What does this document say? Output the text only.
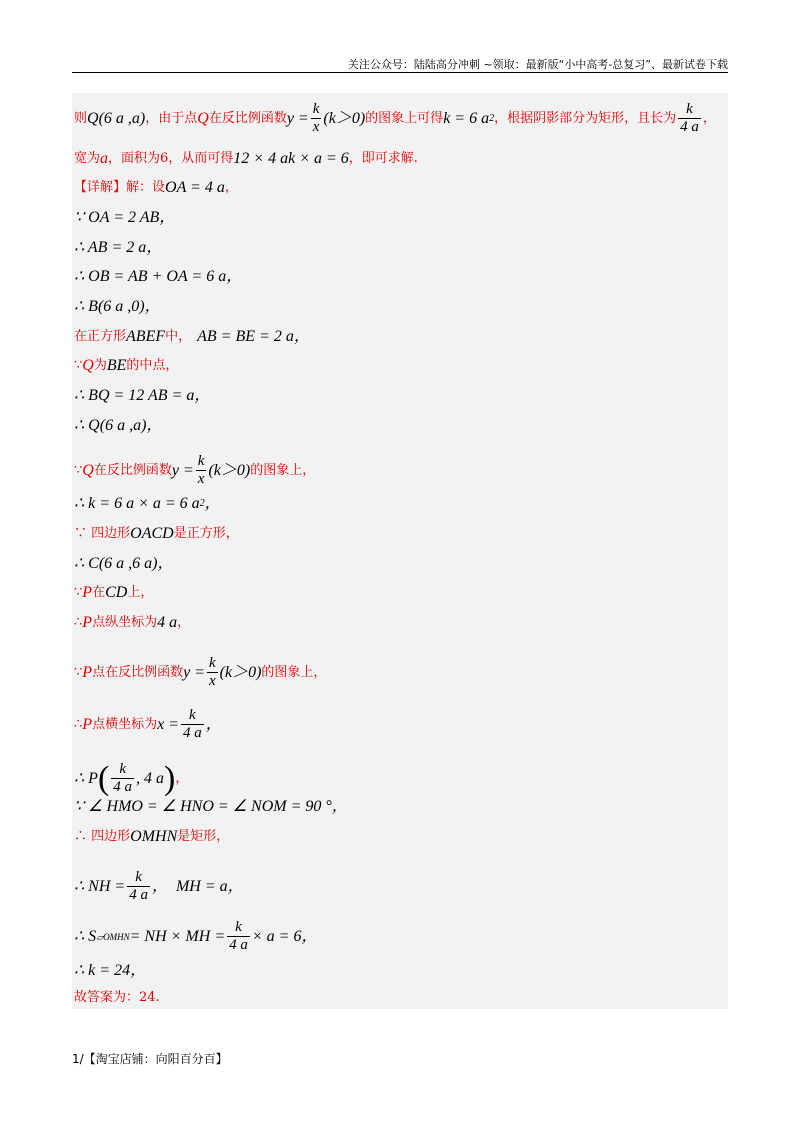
关注公众号：陆陆高分冲刺 ~领取：最新版“小中高考-总复习”、最新试卷下载
则 Q(6 a ,a) ，由于点 Q 在反比例函数 $y = \frac{k}{x} (k>0)$ 的图象上可得 k = 6 a 2 ，根据阴影部分为矩形，且长为 $\frac{k}{4 a}$ ，
宽为 a ，面积为6，从而可得 12 × 4 ak × a = 6 ，即可求解.
【详解】解：设 OA = 4 a ，
∵ OA = 2 AB，
∴ AB = 2 a，
∴ OB = AB + OA = 6 a，
∴ B(6 a ,0)，
在正方形 ABEF 中， AB = BE = 2 a，
∵ Q 为 BE 的中点，
∴ BQ = 12 AB = a，
∴ Q(6 a ,a)，
∵ Q 在反比例函数 $y = \frac{k}{x} (k>0)$ 的图象上，
∴ k = 6 a × a = 6 a 2 ，
∵ 四边形 OACD 是正方形，
∴ C(6 a ,6 a)，
∵ P 在 CD 上，
∴ P 点纵坐标为 4 a ，
∵ P 点在反比例函数 $y = \frac{k}{x} (k>0)$ 的图象上，
∴ P 点横坐标为 $x = \frac{k}{4 a}$ ，
∴ P ( $\frac{k}{4 a}$ , 4 a ) ，
∵ ∠ HMO = ∠ HNO = ∠ NOM = 90 °，
∴ 四边形 OMHN 是矩形，
∴ NH = $\frac{k}{4 a}$ ， MH = a，
∴ S ▱OMHN = NH × MH = $\frac{k}{4 a} \times a = 6$，
∴ k = 24，
故答案为：24.
1/【淘宝店铺：向阳百分百】
